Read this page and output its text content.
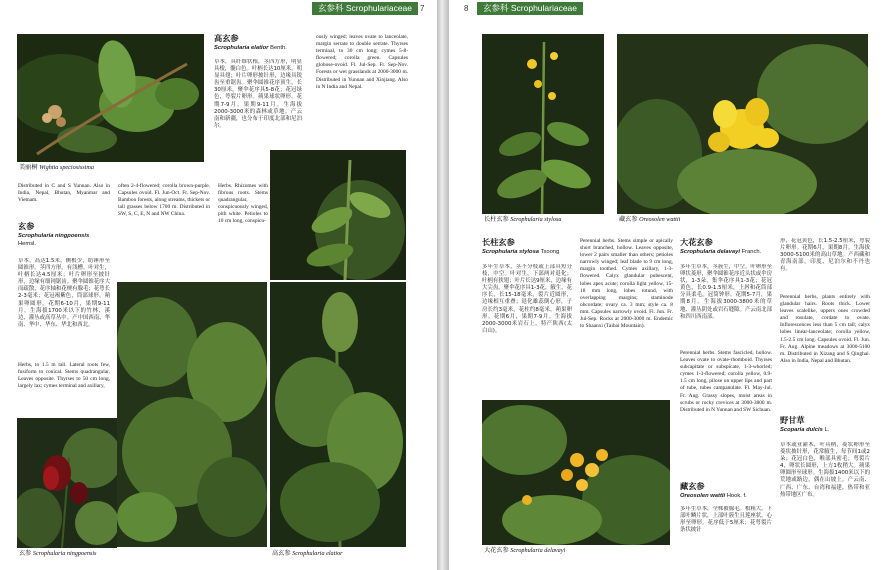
玄参科 Scrophulariaceae 7
美丽桐 Wightia speciosissima
Distributed in C and S Yunnan. Also in India, Nepal, Bhutan, Myanmar and Vietnam.
玄参
Scrophularia ningpoensis
Hemsl.
草本，高达1.5米，侧根少，纺锤形至圆锥形。茎四方形，有浅槽。叶对生，叶柄长达4.5厘米；叶片卵形至披针形，边缘有细钝锯齿。聚伞圆锥花序大而疏散，花序轴和花梗有腺毛；花萼长2-3毫米；花冠褐紫色，筒部球形。蒴果卵圆形。花期6-10月，果期9-11月。生海拔1700米以下的竹林、溪边、灌丛或高草丛中。产中国西南、华南、华中、华东、华北和西北。
Herbs, to 1.5 m tall. Lateral roots few, fusiform to conical. Stems quadrangular. Leaves opposite. Thyrses to 50 cm long, largely lax; cymes terminal and axillary,
玄参 Scrophularia ningpoensis
often 2-4-flowered; corolla brown-purple. Capsules ovoid. Fl. Jun-Oct. Fr. Sep-Nov. Bamboo forests, along streams, thickets or tall grasses below 1700 m. Distributed in SW, S, C, E, N and NW China.
高玄参
Scrophularia elatior Benth.
草本，具纤维状根，茎四方形，明显具棱，髓白色。叶柄长达10厘米，明显具翅；叶片卵形披针形，边缘具锐齿至重锯齿。聚伞圆锥花序顶生，长30厘米，聚伞花序具5-8花；花冠绿色，萼裂片卵形。蒴果球状卵形。花期7-9月，果期9-11月。生海拔2000-3000米的森林或草地。产云南和新疆，也分布于印度北部和尼泊尔。
ously winged; leaves ovate to lanceolate, margin serrate to double serrate. Thyrses terminal, to 30 cm long; cymes 5-8-flowered; corolla green. Capsules globose-ovoid. Fl. Jul-Sep. Fr. Sep-Nov. Forests or wet grasslands at 2000-3000 m. Distributed in Yunnan and Xinjiang. Also in N India and Nepal.
Herbs. Rhizomes with fibrous roots. Stems quadrangular, conspicuously winged, pith white. Petioles to 10 cm long, conspicu-
高玄参 Scrophularia elatior
8	玄参科 Scrophulariaceae
长柱玄参 Scrophularia stylosa	藏玄参 Oreosolen wattii
长柱玄参
Scrophularia stylosa Tsoong
多年生草本，茎不分枝或上部具短分枝，中空。叶对生，下部两对退化；叶柄有狭翅；叶片长达9厘米，边缘有大尖齿。聚伞花序具1-3花，腋生，花序长，长15-18毫米，裂片近圆形，边缘相互重叠；退化雄蕊倒心形，子房长约3毫米，花柱约8毫米。蒴果卵形。花期6月，果期7-9月。生海拔2000-3000米岩石上。特产陕西(太白山)。
Perennial herbs. Stems simple or apically short branched, hollow. Leaves opposite, lower 2 pairs smaller than others; petioles narrowly winged; leaf blade to 9 cm long, margin toothed. Cymes axillary, 1-3-flowered. Calyx glandular pubescent, lobes apex acute; corolla light yellow, 15-18 mm long, lobes rotund, with overlapping margins; staminode obcordate; ovary ca. 3 mm; style ca. 8 mm. Capsules narrowly ovoid. Fl. Jun. Fr. Jul-Sep. Rocks at 2000-3000 m. Endemic to Shaanxi (Taibai Mountain).
大花玄参
Scrophularia delavayi Franch.
多年生草本，茎簇生，中空。叶卵形至卵状菱形，聚伞圆锥花序近头状或伞房状，1-3朵，集伞花序具1-3花；花冠黄色，长0.9-1.5厘米，上唇和花筒部分具柔毛，冠筒钟形。花期5-7月，果期8月。生海拔3000-3800米的草地、灌丛阴处或岩石缝隙。产云南北部和四川西南部。
Perennial herbs. Stems fascicled, hollow. Leaves ovate to ovate-rhomboid. Thyrses subcapitate or subspicate, 1-3-whorled; cymes 1-3-flowered; corolla yellow, 0.9-1.5 cm long, pilose on upper lips and part of tube, tubes campanulate. Fl. May-Jul. Fr. Aug. Grassy slopes, moist areas in scrubs or rocky crevices at 3000-3800 m. Distributed in N Yunnan and SW Sichuan.
藏玄参
Oreosolen wattii Hook. f.
多年生草本，全株被腺毛。根粗大，下部叶鳞片状，上部叶簇生且莲座状，心形至卵形。花序低于5厘米；花萼裂片条状披针
形，花冠黄色，长1.5-2.5厘米，萼裂片卵形。花期6月，果期8月。生海拔3000-5100米的高山草地。产西藏和青海南部，印度、尼泊尔和不丹也有。
Perennial herbs, plants entirely with glandular hairs. Roots thick. Lower leaves scalelike, uppers ones crowded and rosulate, cordate to ovate. Inflorescences less than 5 cm tall; calyx lobes linear-lanceolate; corolla yellow, 1.5-2.5 cm long. Capsules ovoid. Fl. Jun. Fr. Aug. Alpine meadows at 3000-5100 m. Distributed in Xizang and S Qinghai. Also in India, Nepal and Bhutan.
野甘草
Scoparia dulcis L.
草本或亚灌木，叶具柄，菱状卵形至菱状披针形，花常腋生，每节间1或2朵；花冠白色，喉部具密毛；萼裂片4，卵状长圆形，上方1枚稍大。蒴果卵圆形至球形。生海拔1400米以下的荒地或路边，偶在山坡上。产云南、广西、广东、台湾和福建，热带和亚热带地区广布。
大花玄参 Scrophularia delavayi
